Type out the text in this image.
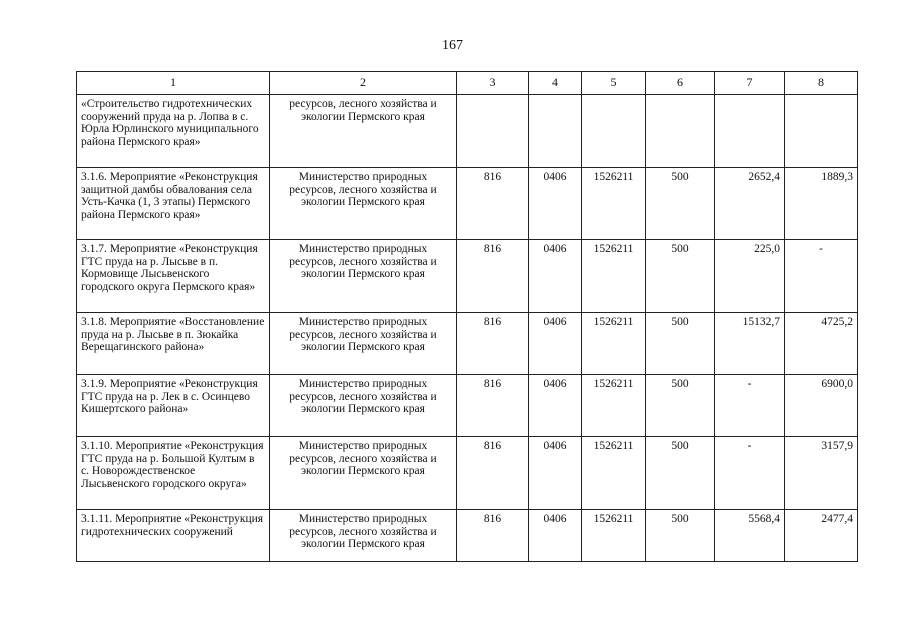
167
1	2	3	4	5	6	7	8
«Строительство гидротехнических сооружений пруда на р. Лопва в с. Юрла Юрлинского муниципального района Пермского края»	ресурсов, лесного хозяйства и экологии Пермского края						
3.1.6. Мероприятие «Реконструкция защитной дамбы обвалования села Усть-Качка (1, 3 этапы) Пермского района Пермского края»	Министерство природных ресурсов, лесного хозяйства и экологии Пермского края	816	0406	1526211	500	2652,4	1889,3
3.1.7. Мероприятие «Реконструкция ГТС пруда на р. Лысьве в п. Кормовище Лысьвенского городского округа Пермского края»	Министерство природных ресурсов, лесного хозяйства и экологии Пермского края	816	0406	1526211	500	225,0	-
3.1.8. Мероприятие «Восстановление пруда на р. Лысьве в п. Зюкайка Верещагинского района»	Министерство природных ресурсов, лесного хозяйства и экологии Пермского края	816	0406	1526211	500	15132,7	4725,2
3.1.9. Мероприятие «Реконструкция ГТС пруда на р. Лек в с. Осинцево Кишертского района»	Министерство природных ресурсов, лесного хозяйства и экологии Пермского края	816	0406	1526211	500	-	6900,0
3.1.10. Мероприятие «Реконструкция ГТС пруда на р. Большой Култым в с. Новорождественское Лысьвенского городского округа»	Министерство природных ресурсов, лесного хозяйства и экологии Пермского края	816	0406	1526211	500	-	3157,9
3.1.11. Мероприятие «Реконструкция гидротехнических сооружений	Министерство природных ресурсов, лесного хозяйства и экологии Пермского края	816	0406	1526211	500	5568,4	2477,4
